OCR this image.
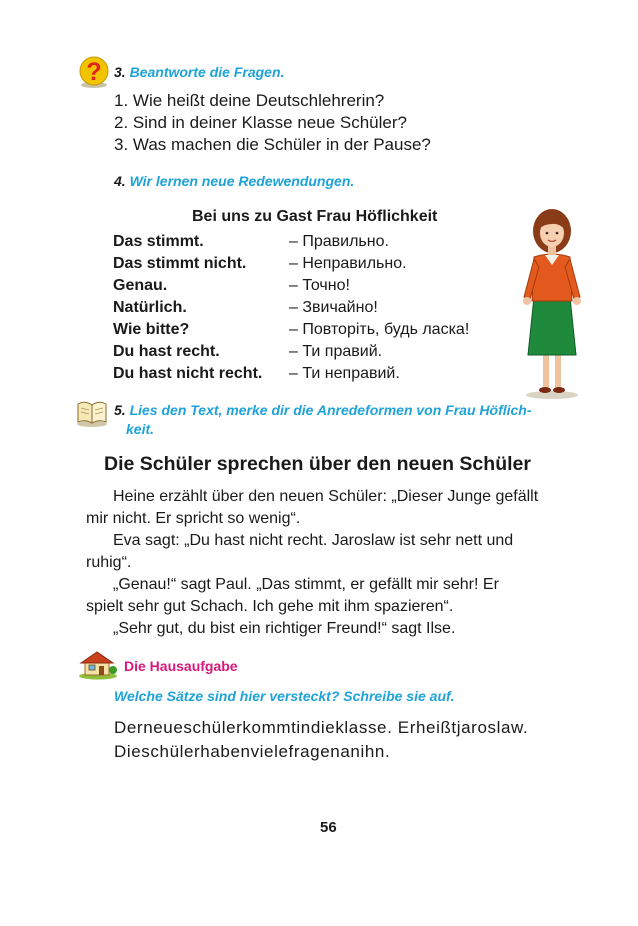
? 3. Beantworte die Fragen.
1. Wie heißt deine Deutschlehrerin?
2. Sind in deiner Klasse neue Schüler?
3. Was machen die Schüler in der Pause?
4. Wir lernen neue Redewendungen.
Bei uns zu Gast Frau Höflichkeit
Das stimmt.	– Правильно.
Das stimmt nicht.	– Неправильно.
Genau.	– Точно!
Natürlich.	– Звичайно!
Wie bitte?	– Повторіть, будь ласка!
Du hast recht.	– Ти правий.
Du hast nicht recht. – Ти неправий.
5. Lies den Text, merke dir die Anredeformen von Frau Höflich-
keit.
Die Schüler sprechen über den neuen Schüler

Heine erzählt über den neuen Schüler: „Dieser Junge gefällt

mir nicht. Er spricht so wenig“.

Eva sagt: „Du hast nicht recht. Jaroslaw ist sehr nett und

ruhig“.

„Genau!“ sagt Paul. „Das stimmt, er gefällt mir sehr! Er

spielt sehr gut Schach. Ich gehe mit ihm spazieren“.

„Sehr gut, du bist ein richtiger Freund!“ sagt Ilse.

Die Hausaufgabe
Welche Sätze sind hier versteckt? Schreibe sie auf.
Derneueschülerkommtindieklasse. Erheißtjaroslaw.
Dieschülerhabenvielefragenanihn.
56
